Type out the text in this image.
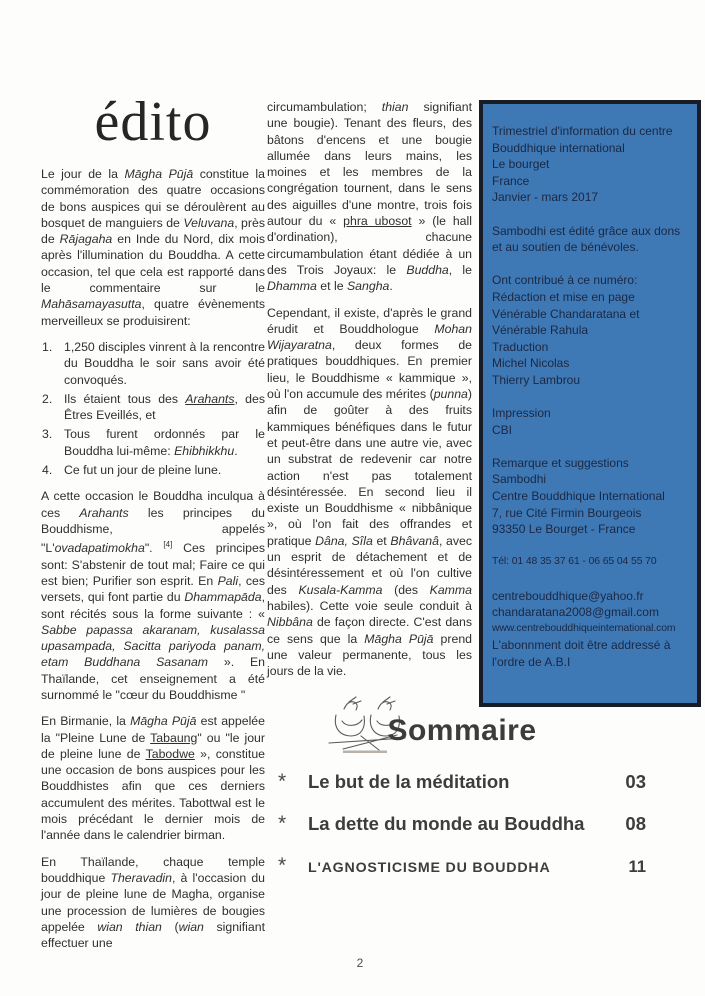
édito

Le jour de la Māgha Pūjā constitue la commémoration des quatre occasions de bons auspices qui se déroulèrent au bosquet de manguiers de Veluvana, près de Rājagaha en Inde du Nord, dix mois après l'illumination du Bouddha. A cette occasion, tel que cela est rapporté dans le commentaire sur le Mahāsamayasutta, quatre évènements merveilleux se produisirent:

1. 1,250 disciples vinrent à la rencontre du Bouddha le soir sans avoir été convoqués.
2. Ils étaient tous des Arahants, des Êtres Eveillés, et
3. Tous furent ordonnés par le Bouddha lui-même: Ehibhikkhu.
4. Ce fut un jour de pleine lune.

A cette occasion le Bouddha inculqua à ces Arahants les principes du Bouddhisme, appelés "L'ovadapatimokha". [4] Ces principes sont: S'abstenir de tout mal; Faire ce qui est bien; Purifier son esprit. En Pali, ces versets, qui font partie du Dhammapāda, sont récités sous la forme suivante : « Sabbe papassa akaranam, kusalassa upasampada, Sacitta pariyoda panam, etam Buddhana Sasanam ». En Thaïlande, cet enseignement a été surnommé le "cœur du Bouddhisme "

En Birmanie, la Māgha Pūjā est appelée la "Pleine Lune de Tabaung" ou "le jour de pleine lune de Tabodwe », constitue une occasion de bons auspices pour les Bouddhistes afin que ces derniers accumulent des mérites. Tabottwal est le mois précédant le dernier mois de l'année dans le calendrier birman.

En Thaïlande, chaque temple bouddhique Theravadin, à l'occasion du jour de pleine lune de Magha, organise une procession de lumières de bougies appelée wian thian (wian signifiant effectuer une

circumambulation; thian signifiant une bougie). Tenant des fleurs, des bâtons d'encens et une bougie allumée dans leurs mains, les moines et les membres de la congrégation tournent, dans le sens des aiguilles d'une montre, trois fois autour du « phra ubosot » (le hall d'ordination), chacune circumambulation étant dédiée à un des Trois Joyaux: le Buddha, le Dhamma et le Sangha.

Cependant, il existe, d'après le grand érudit et Bouddhologue Mohan Wijayaratna, deux formes de pratiques bouddhiques. En premier lieu, le Bouddhisme « kammique », où l'on accumule des mérites (punna) afin de goûter à des fruits kammiques bénéfiques dans le futur et peut-être dans une autre vie, avec un substrat de redevenir car notre action n'est pas totalement désintéressée. En second lieu il existe un Bouddhisme « nibbânique », où l'on fait des offrandes et pratique Dâna, Sîla et Bhâvanâ, avec un esprit de détachement et de désintéressement et où l'on cultive des Kusala-Kamma (des Kamma habiles). Cette voie seule conduit à Nibbâna de façon directe. C'est dans ce sens que la Māgha Pūjā prend une valeur permanente, tous les jours de la vie.

Trimestriel d'information du centre Bouddhique international
Le bourget
France
Janvier - mars 2017
Sambodhi est édité grâce aux dons et au soutien de bénévoles.
Ont contribué à ce numéro:
Rédaction et mise en page
Vénérable Chandaratana et Vénérable Rahula
Traduction
Michel Nicolas
Thierry Lambrou
Impression
CBI
Remarque et suggestions
Sambodhi
Centre Bouddhique International
7, rue Cité Firmin Bourgeois
93350 Le Bourget - France
Tél: 01 48 35 37 61 - 06 65 04 55 70
centrebouddhique@yahoo.fr
chandaratana2008@gmail.com
www.centrebouddhiqueinternational.com
L'abonnment doit être addressé à l'ordre de A.B.I
Sommaire
*	Le but de la méditation	03
*	La dette du monde au Bouddha	08
*	L'AGNOSTICISME DU BOUDDHA	11
2
